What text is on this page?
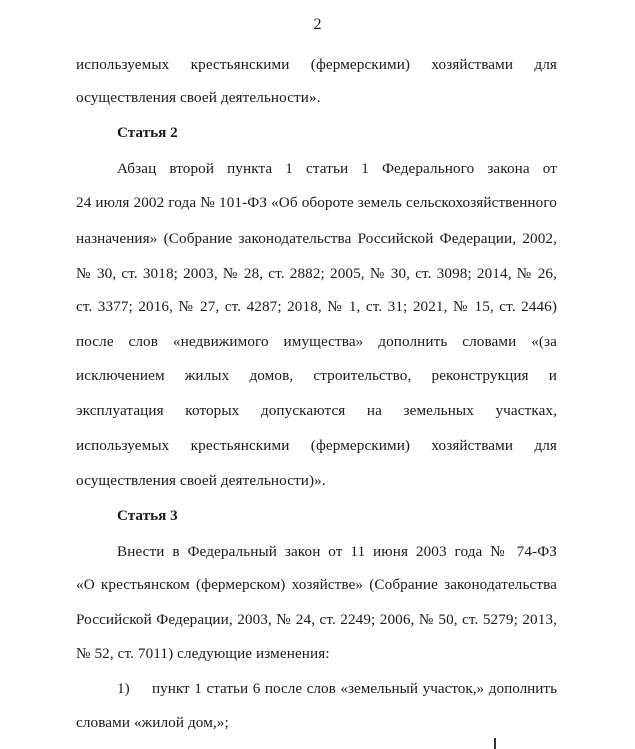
2
используемых крестьянскими (фермерскими) хозяйствами для
осуществления своей деятельности».
Статья 2
Абзац второй пункта 1 статьи 1 Федерального закона от
24 июля 2002 года № 101-ФЗ «Об обороте земель сельскохозяйственного
назначения» (Собрание законодательства Российской Федерации, 2002,
№ 30, ст. 3018; 2003, № 28, ст. 2882; 2005, № 30, ст. 3098; 2014, № 26,
ст. 3377; 2016, № 27, ст. 4287; 2018, № 1, ст. 31; 2021, № 15, ст. 2446)
после слов «недвижимого имущества» дополнить словами «(за
исключением жилых домов, строительство, реконструкция и
эксплуатация которых допускаются на земельных участках,
используемых крестьянскими (фермерскими) хозяйствами для
осуществления своей деятельности)».
Статья 3
Внести в Федеральный закон от 11 июня 2003 года № 74-ФЗ
«О крестьянском (фермерском) хозяйстве» (Собрание законодательства
Российской Федерации, 2003, № 24, ст. 2249; 2006, № 50, ст. 5279; 2013,
№ 52, ст. 7011) следующие изменения:
1) пункт 1 статьи 6 после слов «земельный участок,» дополнить
словами «жилой дом,»;
